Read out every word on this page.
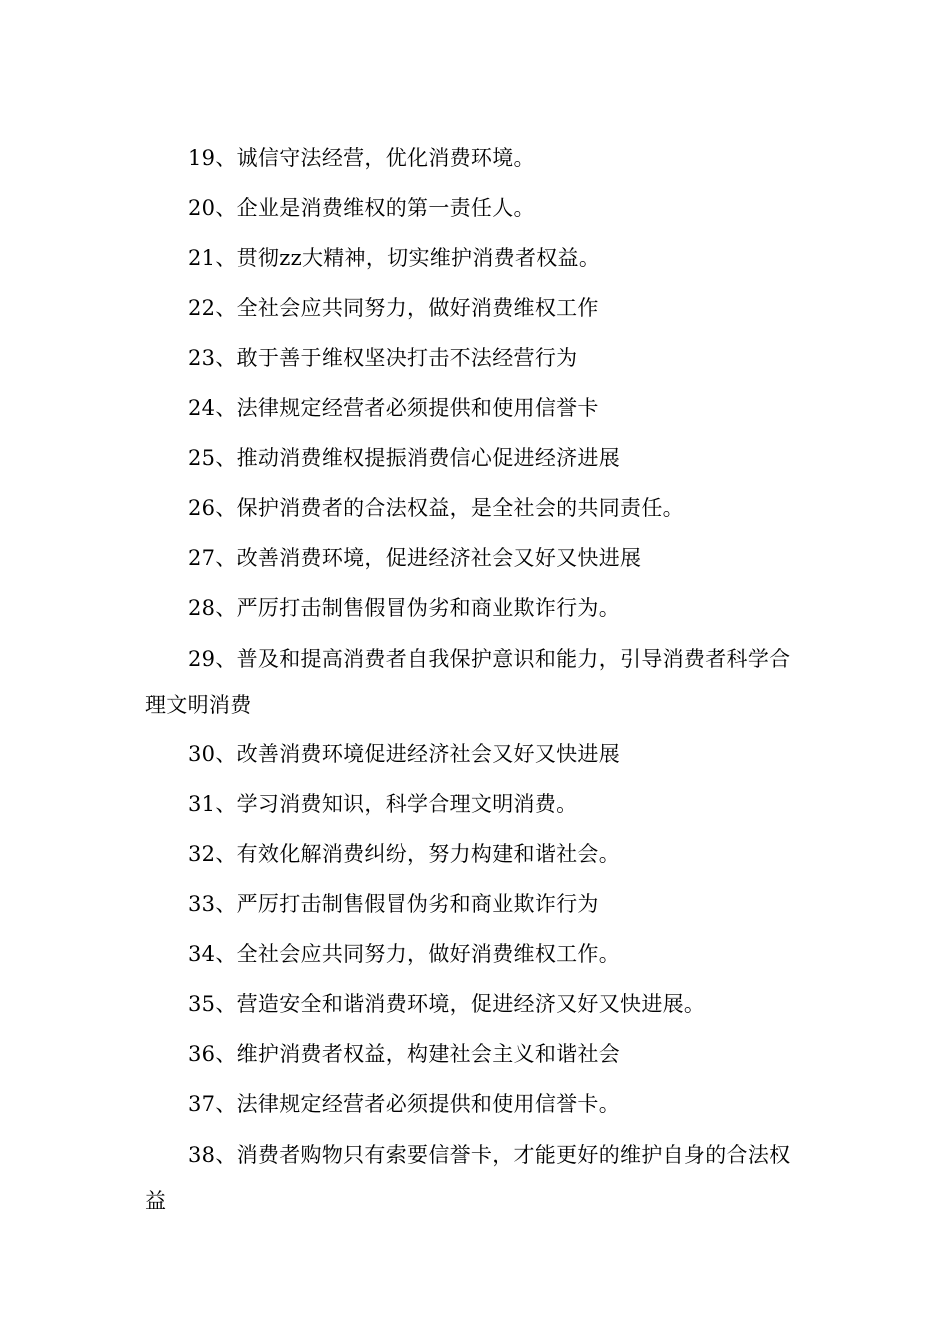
19、诚信守法经营，优化消费环境。

20、企业是消费维权的第一责任人。

21、贯彻zz大精神，切实维护消费者权益。

22、全社会应共同努力，做好消费维权工作

23、敢于善于维权坚决打击不法经营行为

24、法律规定经营者必须提供和使用信誉卡

25、推动消费维权提振消费信心促进经济进展

26、保护消费者的合法权益，是全社会的共同责任。

27、改善消费环境，促进经济社会又好又快进展

28、严厉打击制售假冒伪劣和商业欺诈行为。

29、普及和提高消费者自我保护意识和能力，引导消费者科学合理文明消费

30、改善消费环境促进经济社会又好又快进展

31、学习消费知识，科学合理文明消费。

32、有效化解消费纠纷，努力构建和谐社会。

33、严厉打击制售假冒伪劣和商业欺诈行为

34、全社会应共同努力，做好消费维权工作。

35、营造安全和谐消费环境，促进经济又好又快进展。

36、维护消费者权益，构建社会主义和谐社会

37、法律规定经营者必须提供和使用信誉卡。

38、消费者购物只有索要信誉卡，才能更好的维护自身的合法权益
